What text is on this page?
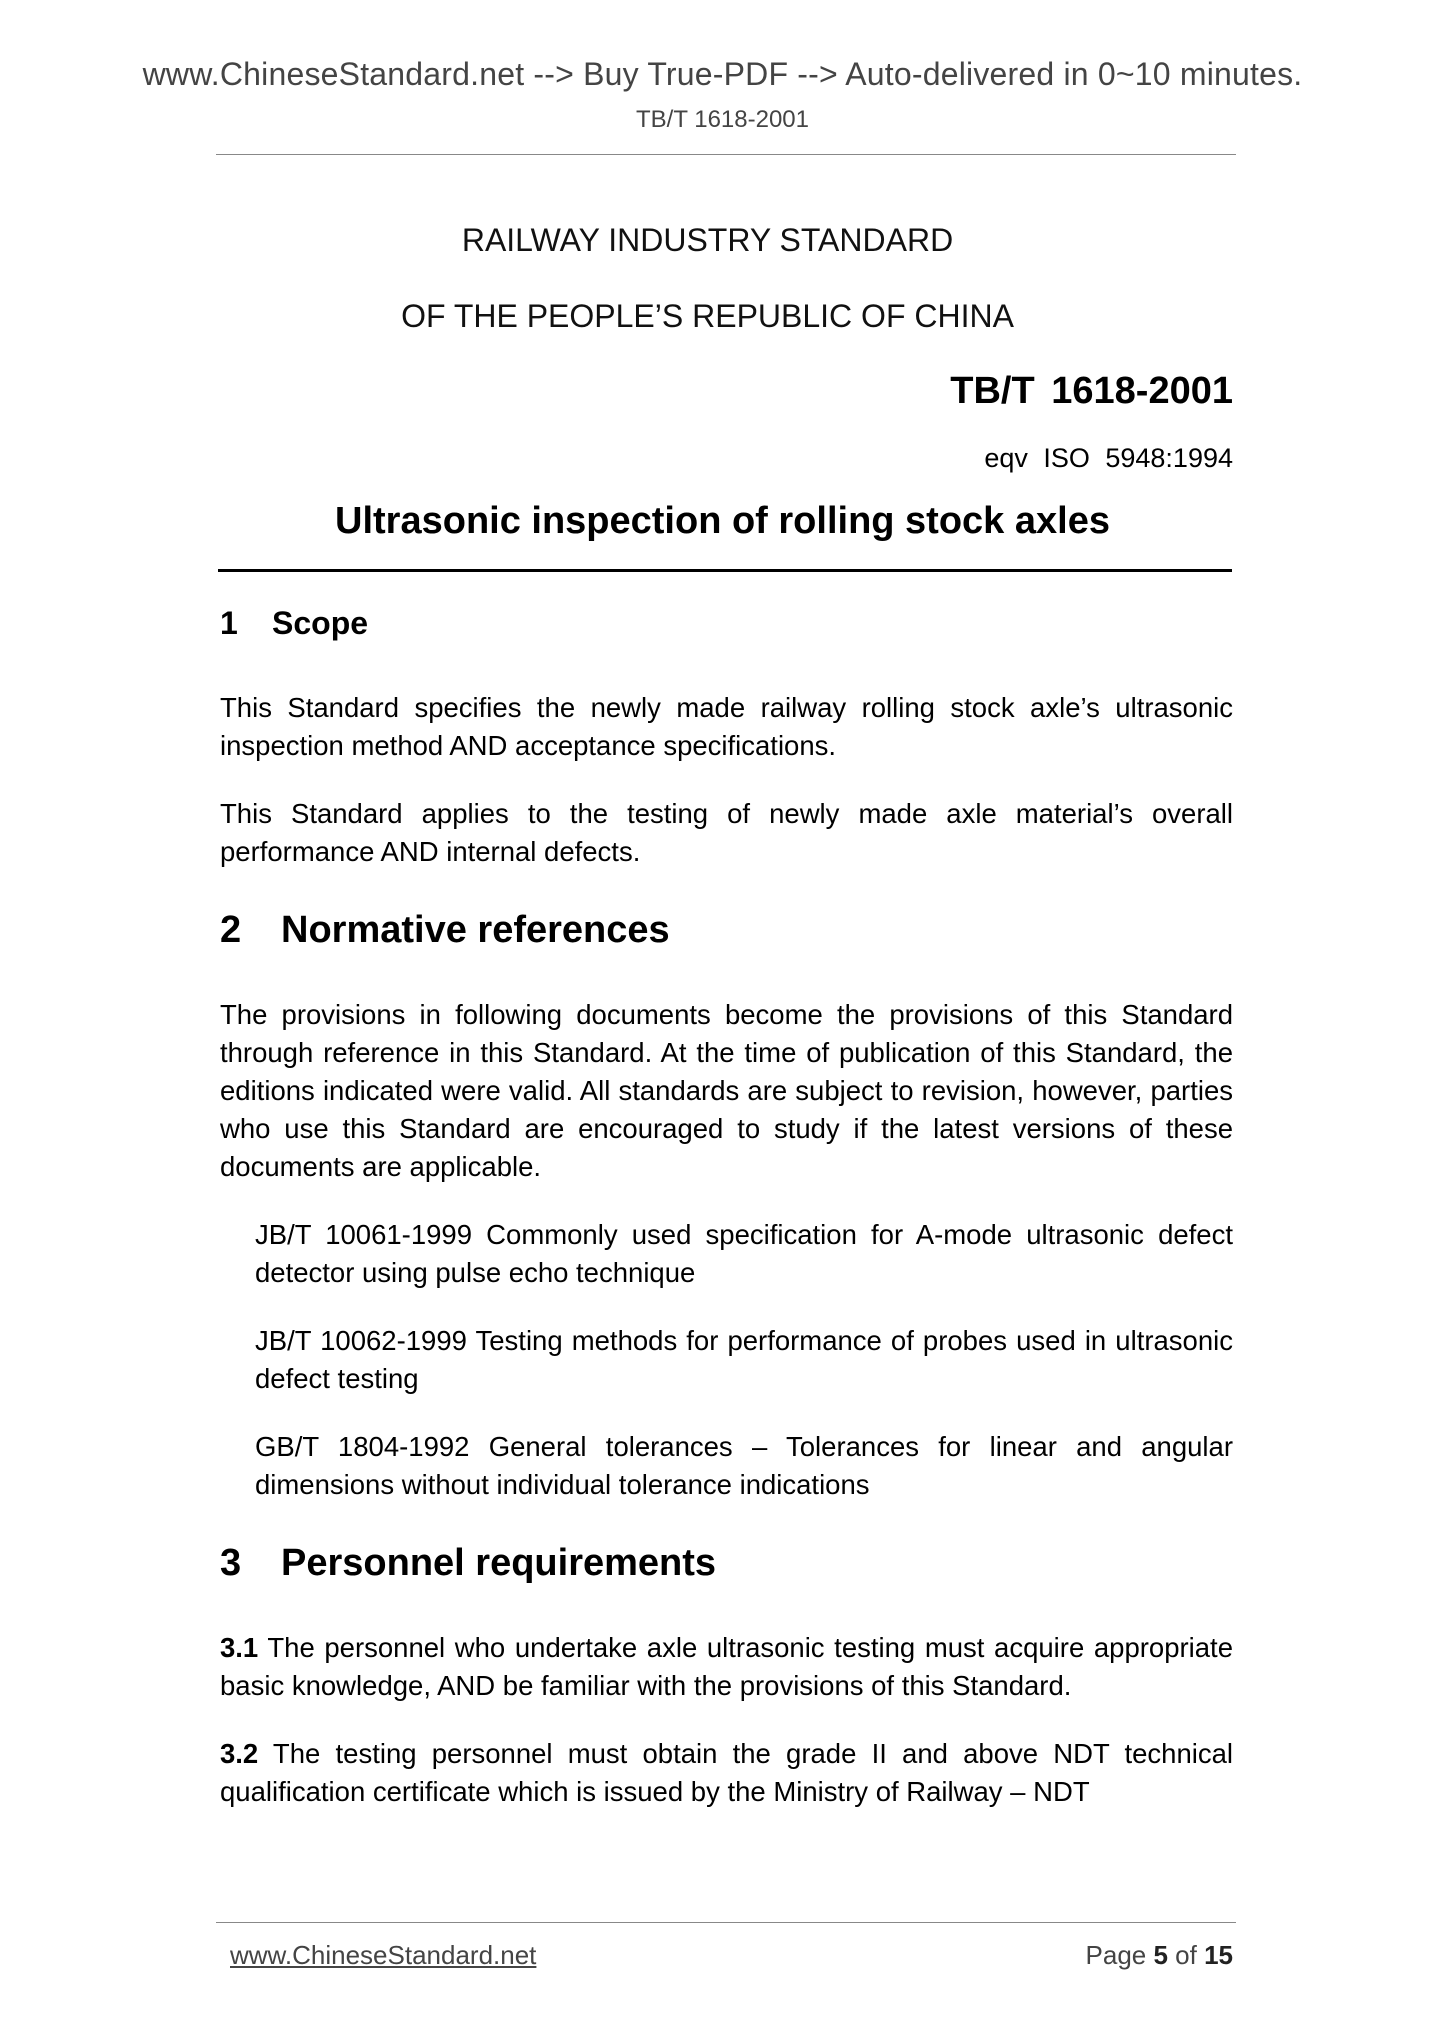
www.ChineseStandard.net --> Buy True-PDF --> Auto-delivered in 0~10 minutes.
TB/T 1618-2001
RAILWAY INDUSTRY STANDARD
OF THE PEOPLE’S REPUBLIC OF CHINA
TB/T 1618-2001
eqv ISO 5948:1994
Ultrasonic inspection of rolling stock axles
1 Scope

This Standard specifies the newly made railway rolling stock axle’s ultrasonic inspection method AND acceptance specifications.

This Standard applies to the testing of newly made axle material’s overall performance AND internal defects.

2 Normative references

The provisions in following documents become the provisions of this Standard through reference in this Standard. At the time of publication of this Standard, the editions indicated were valid. All standards are subject to revision, however, parties who use this Standard are encouraged to study if the latest versions of these documents are applicable.

JB/T 10061-1999 Commonly used specification for A-mode ultrasonic defect detector using pulse echo technique

JB/T 10062-1999 Testing methods for performance of probes used in ultrasonic defect testing

GB/T 1804-1992 General tolerances – Tolerances for linear and angular dimensions without individual tolerance indications

3 Personnel requirements

3.1 The personnel who undertake axle ultrasonic testing must acquire appropriate basic knowledge, AND be familiar with the provisions of this Standard.

3.2 The testing personnel must obtain the grade II and above NDT technical qualification certificate which is issued by the Ministry of Railway – NDT

www.ChineseStandard.net	Page 5 of 15
